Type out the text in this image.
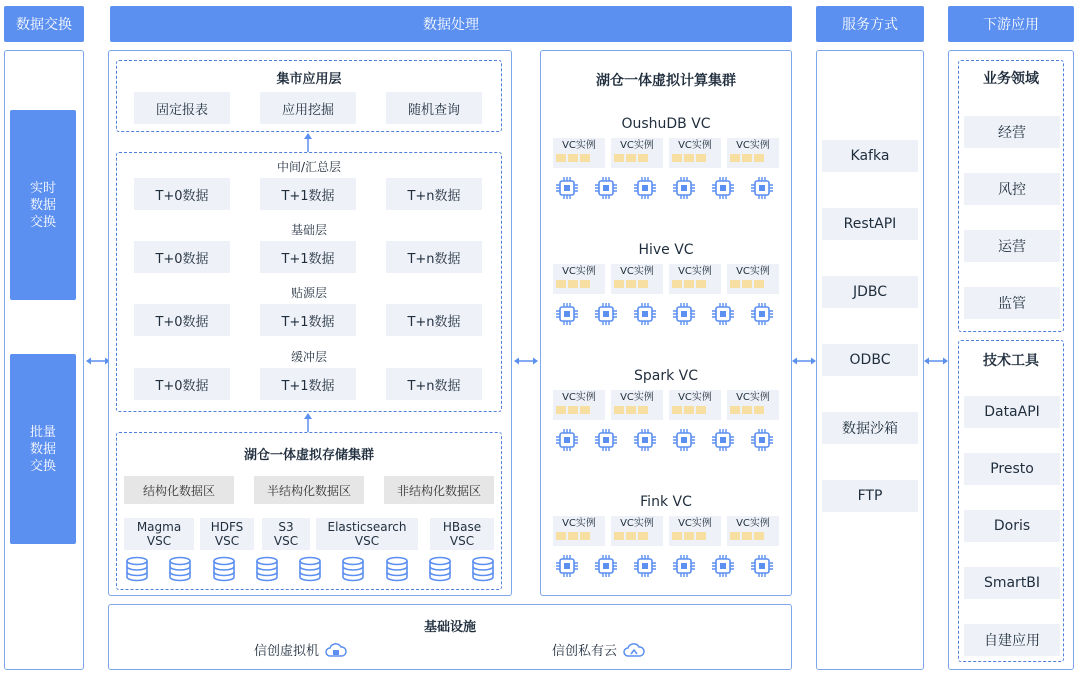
数据交换	数据处理	服务方式	下游应用
实时
数据
交换
批量
数据
交换
集市应用层
固定报表	应用挖掘	随机查询
中间/汇总层
T+0数据	T+1数据	T+n数据
基础层
T+0数据	T+1数据	T+n数据
贴源层
T+0数据	T+1数据	T+n数据
缓冲层
T+0数据	T+1数据	T+n数据
湖仓一体虚拟存储集群
结构化数据区	半结构化数据区	非结构化数据区
Magma
VSC
HDFS
VSC
S3
VSC
Elasticsearch
VSC
HBase
VSC
湖仓一体虚拟计算集群
OushuDB VC
VC实例	VC实例	VC实例	VC实例
Hive VC
VC实例	VC实例	VC实例	VC实例
Spark VC
VC实例	VC实例	VC实例	VC实例
Fink VC
VC实例	VC实例	VC实例	VC实例
基础设施
信创虚拟机	信创私有云
Kafka
RestAPI
JDBC
ODBC
数据沙箱
FTP
业务领域
技术工具
经营
风控
运营
监管
DataAPI
Presto
Doris
SmartBI
自建应用
